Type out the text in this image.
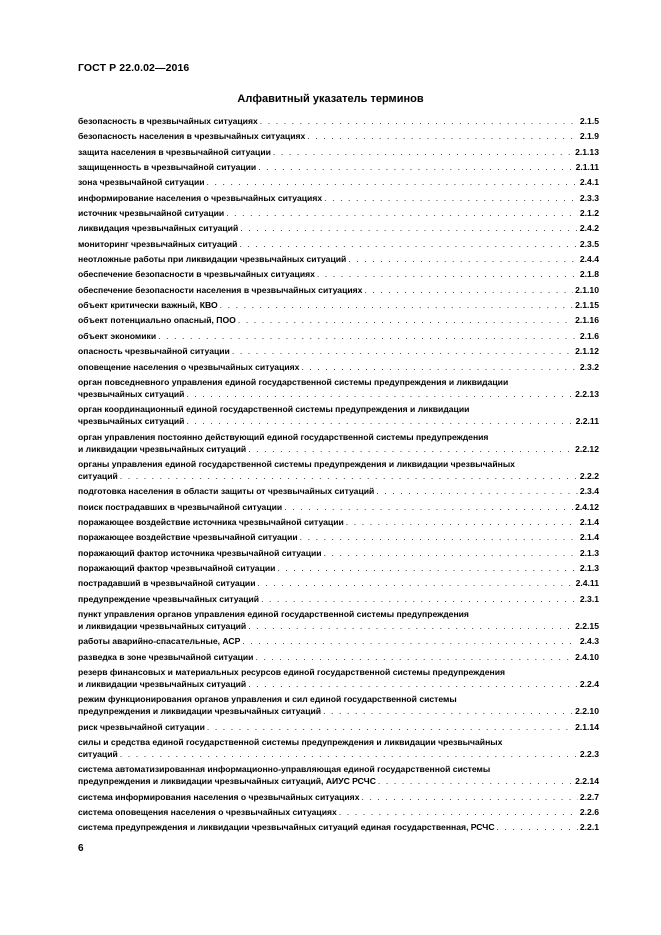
ГОСТ Р 22.0.02—2016
Алфавитный указатель терминов
безопасность в чрезвычайных ситуациях . . .	2.1.5
безопасность населения в чрезвычайных ситуациях . . .	2.1.9
защита населения в чрезвычайной ситуации . . .	2.1.13
защищенность в чрезвычайной ситуации . . .	2.1.11
зона чрезвычайной ситуации . . .	2.4.1
информирование населения о чрезвычайных ситуациях . . .	2.3.3
источник чрезвычайной ситуации . . .	2.1.2
ликвидация чрезвычайных ситуаций . . .	2.4.2
мониторинг чрезвычайных ситуаций . . .	2.3.5
неотложные работы при ликвидации чрезвычайных ситуаций . . .	2.4.4
обеспечение безопасности в чрезвычайных ситуациях . . .	2.1.8
обеспечение безопасности населения в чрезвычайных ситуациях . . .	2.1.10
объект критически важный, КВО . . .	2.1.15
объект потенциально опасный, ПОО . . .	2.1.16
объект экономики . . .	2.1.6
опасность чрезвычайной ситуации . . .	2.1.12
оповещение населения о чрезвычайных ситуациях . . .	2.3.2
орган повседневного управления единой государственной системы предупреждения и ликвидации
чрезвычайных ситуаций . . .	2.2.13
орган координационный единой государственной системы предупреждения и ликвидации
чрезвычайных ситуаций . . .	2.2.11
орган управления постоянно действующий единой государственной системы предупреждения
и ликвидации чрезвычайных ситуаций . . .	2.2.12
органы управления единой государственной системы предупреждения и ликвидации чрезвычайных
ситуаций . . .	2.2.2
подготовка населения в области защиты от чрезвычайных ситуаций . . .	2.3.4
поиск пострадавших в чрезвычайной ситуации . . .	2.4.12
поражающее воздействие источника чрезвычайной ситуации . . .	2.1.4
поражающее воздействие чрезвычайной ситуации . . .	2.1.4
поражающий фактор источника чрезвычайной ситуации . . .	2.1.3
поражающий фактор чрезвычайной ситуации . . .	2.1.3
пострадавший в чрезвычайной ситуации . . .	2.4.11
предупреждение чрезвычайных ситуаций . . .	2.3.1
пункт управления органов управления единой государственной системы предупреждения
и ликвидации чрезвычайных ситуаций . . .	2.2.15
работы аварийно-спасательные, АСР . . .	2.4.3
разведка в зоне чрезвычайной ситуации . . .	2.4.10
резерв финансовых и материальных ресурсов единой государственной системы предупреждения
и ликвидации чрезвычайных ситуаций . . .	2.2.4
режим функционирования органов управления и сил единой государственной системы
предупреждения и ликвидации чрезвычайных ситуаций . . .	2.2.10
риск чрезвычайной ситуации . . .	2.1.14
силы и средства единой государственной системы предупреждения и ликвидации чрезвычайных
ситуаций . . .	2.2.3
система автоматизированная информационно-управляющая единой государственной системы
предупреждения и ликвидации чрезвычайных ситуаций, АИУС РСЧС . . .	2.2.14
система информирования населения о чрезвычайных ситуациях . . .	2.2.7
система оповещения населения о чрезвычайных ситуациях . . .	2.2.6
система предупреждения и ликвидации чрезвычайных ситуаций единая государственная, РСЧС . . .	2.2.1
6
